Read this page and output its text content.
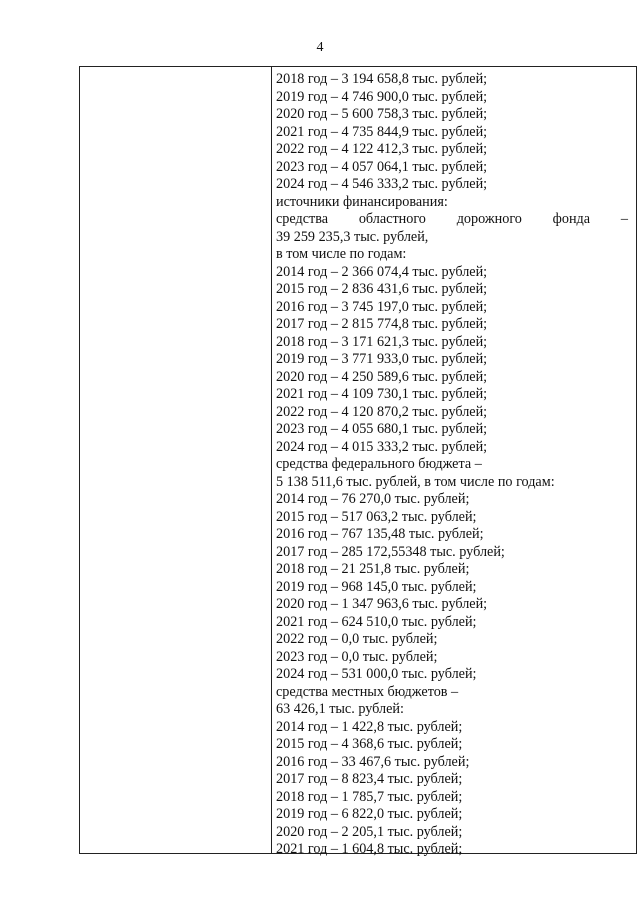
4
2018 год – 3 194 658,8 тыс. рублей;
2019 год – 4 746 900,0 тыс. рублей;
2020 год – 5 600 758,3 тыс. рублей;
2021 год – 4 735 844,9 тыс. рублей;
2022 год – 4 122 412,3 тыс. рублей;
2023 год – 4 057 064,1 тыс. рублей;
2024 год – 4 546 333,2 тыс. рублей;
источники финансирования:
средства областного дорожного фонда –
39 259 235,3 тыс. рублей,
в том числе по годам:
2014 год – 2 366 074,4 тыс. рублей;
2015 год – 2 836 431,6 тыс. рублей;
2016 год – 3 745 197,0 тыс. рублей;
2017 год – 2 815 774,8 тыс. рублей;
2018 год – 3 171 621,3 тыс. рублей;
2019 год – 3 771 933,0 тыс. рублей;
2020 год – 4 250 589,6 тыс. рублей;
2021 год – 4 109 730,1 тыс. рублей;
2022 год – 4 120 870,2 тыс. рублей;
2023 год – 4 055 680,1 тыс. рублей;
2024 год – 4 015 333,2 тыс. рублей;
средства федерального бюджета –
5 138 511,6 тыс. рублей, в том числе по годам:
2014 год – 76 270,0 тыс. рублей;
2015 год – 517 063,2 тыс. рублей;
2016 год – 767 135,48 тыс. рублей;
2017 год – 285 172,55348 тыс. рублей;
2018 год – 21 251,8 тыс. рублей;
2019 год – 968 145,0 тыс. рублей;
2020 год – 1 347 963,6 тыс. рублей;
2021 год – 624 510,0 тыс. рублей;
2022 год – 0,0 тыс. рублей;
2023 год – 0,0 тыс. рублей;
2024 год – 531 000,0 тыс. рублей;
средства местных бюджетов –
63 426,1 тыс. рублей:
2014 год – 1 422,8 тыс. рублей;
2015 год – 4 368,6 тыс. рублей;
2016 год – 33 467,6 тыс. рублей;
2017 год – 8 823,4 тыс. рублей;
2018 год – 1 785,7 тыс. рублей;
2019 год – 6 822,0 тыс. рублей;
2020 год – 2 205,1 тыс. рублей;
2021 год – 1 604,8 тыс. рублей;
